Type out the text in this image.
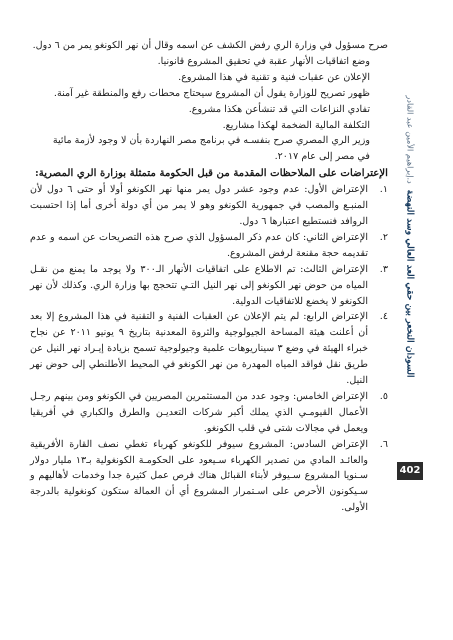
السودان النخعر بين حقي العد العالي وسد النهضة
د.إبراهيم الأمين عبد القادر
402
صرح مسؤول في وزارة الري رفض الكشف عن اسمه وقال أن نهر الكونغو يمر من ٦ دول.
وضع اتفاقيات الأنهار عقبة في تحقيق المشروع قانونيا.
الإعلان عن عقبات فنية و تقنية في هذا المشروع.
ظهور تصريح للوزارة يقول أن المشروع سيحتاج محطات رفع والمنطقة غير آمنة.
تفادي النزاعات التي قد تنشأعن هكذا مشروع.
التكلفة المالية الضخمة لهكذا مشاريع.
وزير الري المصري صرح بنفسـه في برنامج مصر النهاردة بأن لا وجود لأزمة مائية
في مصر إلى عام ٢٠١٧.
الإعتراضات على الملاحظات المقدمة من قبل الحكومة متمثلة بوزارة الري المصرية:
١.
الإعتراض الأول: عدم وجود عشر دول يمر منها نهر الكونغو أولا أو حتى ٦ دول لأن المنبـع والمصب في جمهورية الكونغو وهو لا يمر من أي دولة أخرى أما إذا احتسبت الروافد فنستطيع اعتبارها ٦ دول.
٢.
الإعتراض الثاني: كان عدم ذكر المسؤول الذي صرح هذه التصريحات عن اسمه و عدم تقديمه حجة مقنعة لرفض المشروع.
٣.
الإعتراض الثالث: تم الاطلاع على اتفاقيات الأنهار الـ٣٠٠ ولا يوجد ما يمنع من نقـل المياه من حوض نهر الكونغو إلى نهر النيل التـي تتحجج بها وزارة الري. وكذلك لأن نهر الكونغو لا يخضع للاتفاقيات الدولية.
٤.
الإعتراض الرابع: لم يتم الإعلان عن العقبات الفنية و التقنية في هذا المشروع إلا بعد أن أعلنت هيئة المساحة الجيولوجية والثروة المعدنية بتاريخ ٩ يونيو ٢٠١١ عن نجاح خبراء الهيئة في وضع ٣ سيناريوهات علمية وجيولوجية تسمح بزيادة إيـراد نهر النيل عن طريق نقل فواقد المياه المهدرة من نهر الكونغو في المحيط الأطلنطي إلى حوض نهر النيل.
٥.
الإعتراض الخامس: وجود عدد من المستثمرين المصريين في الكونغو ومن بينهم رجـل الأعمال القيومـي الذي يملك أكبر شركات التعديـن والطرق والكباري في أفريقيا ويعمل في مجالات شتى في قلب الكونغو.
٦.
الإعتراض السادس: المشروع سيوفر للكونغو كهرباء تغطي نصف القارة الأفريقية والعائـد المادي من تصدير الكهرباء سـيعود على الحكومـة الكونغولية بـ١٣ مليار دولار سـنويا المشروع سـيوفر لأبناء القبائل هناك فرص عمل كثيرة جدا وخدمات لأهاليهم و سـيكونون الأحرص على اسـتمرار المشروع أي أن العمالة ستكون كونغولية بالدرجة الأولى.
